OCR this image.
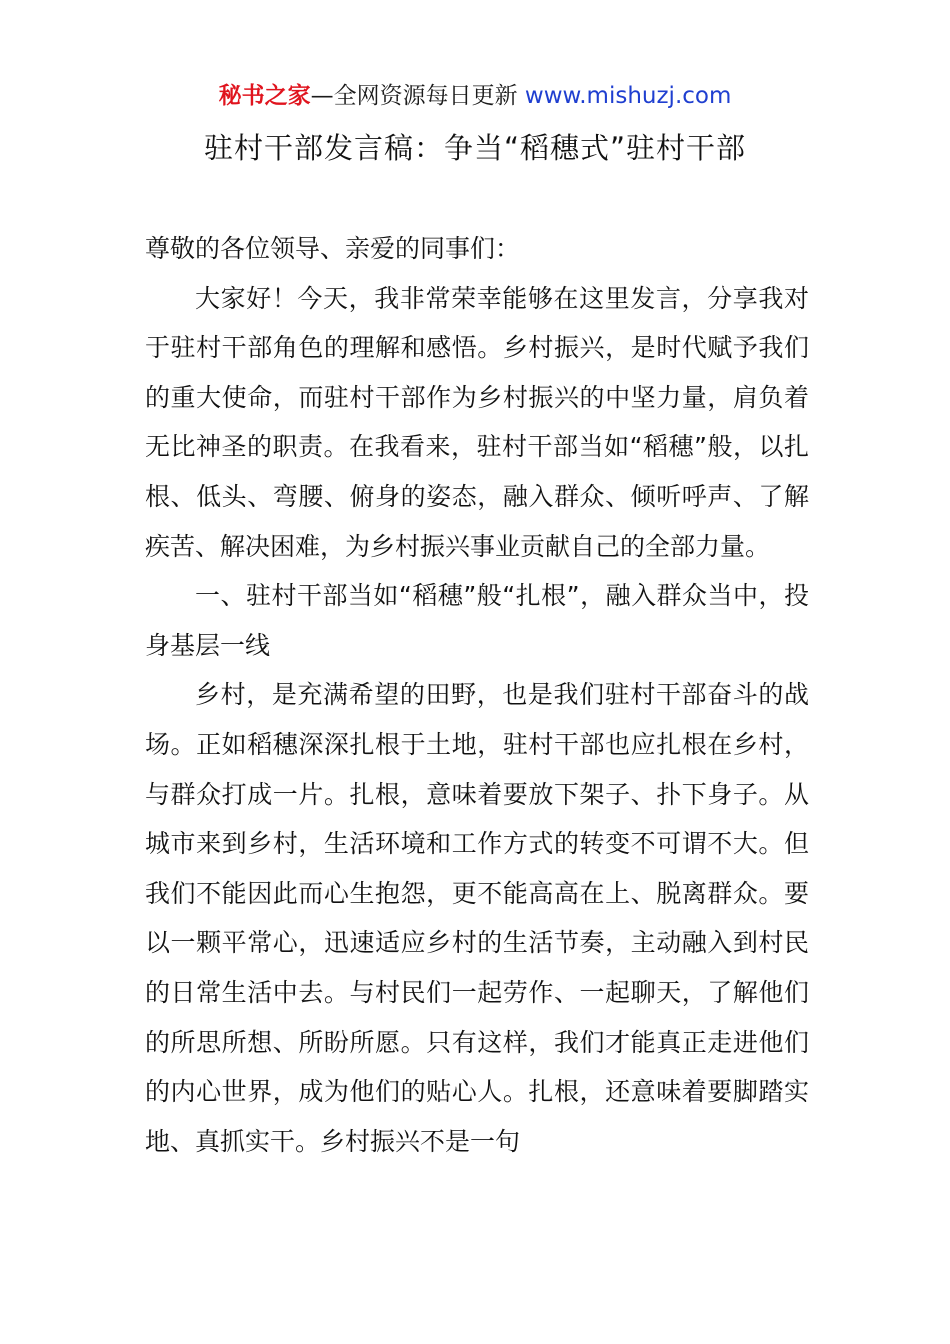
秘书之家—全网资源每日更新 www.mishuzj.com
驻村干部发言稿：争当“稻穗式”驻村干部

尊敬的各位领导、亲爱的同事们：

大家好！今天，我非常荣幸能够在这里发言，分享我对于驻村干部角色的理解和感悟。乡村振兴，是时代赋予我们的重大使命，而驻村干部作为乡村振兴的中坚力量，肩负着无比神圣的职责。在我看来，驻村干部当如“稻穗”般，以扎根、低头、弯腰、俯身的姿态，融入群众、倾听呼声、了解疾苦、解决困难，为乡村振兴事业贡献自己的全部力量。

一、驻村干部当如“稻穗”般“扎根”，融入群众当中，投身基层一线

乡村，是充满希望的田野，也是我们驻村干部奋斗的战场。正如稻穗深深扎根于土地，驻村干部也应扎根在乡村，与群众打成一片。扎根，意味着要放下架子、扑下身子。从城市来到乡村，生活环境和工作方式的转变不可谓不大。但我们不能因此而心生抱怨，更不能高高在上、脱离群众。要以一颗平常心，迅速适应乡村的生活节奏，主动融入到村民的日常生活中去。与村民们一起劳作、一起聊天，了解他们的所思所想、所盼所愿。只有这样，我们才能真正走进他们的内心世界，成为他们的贴心人。扎根，还意味着要脚踏实地、真抓实干。乡村振兴不是一句
